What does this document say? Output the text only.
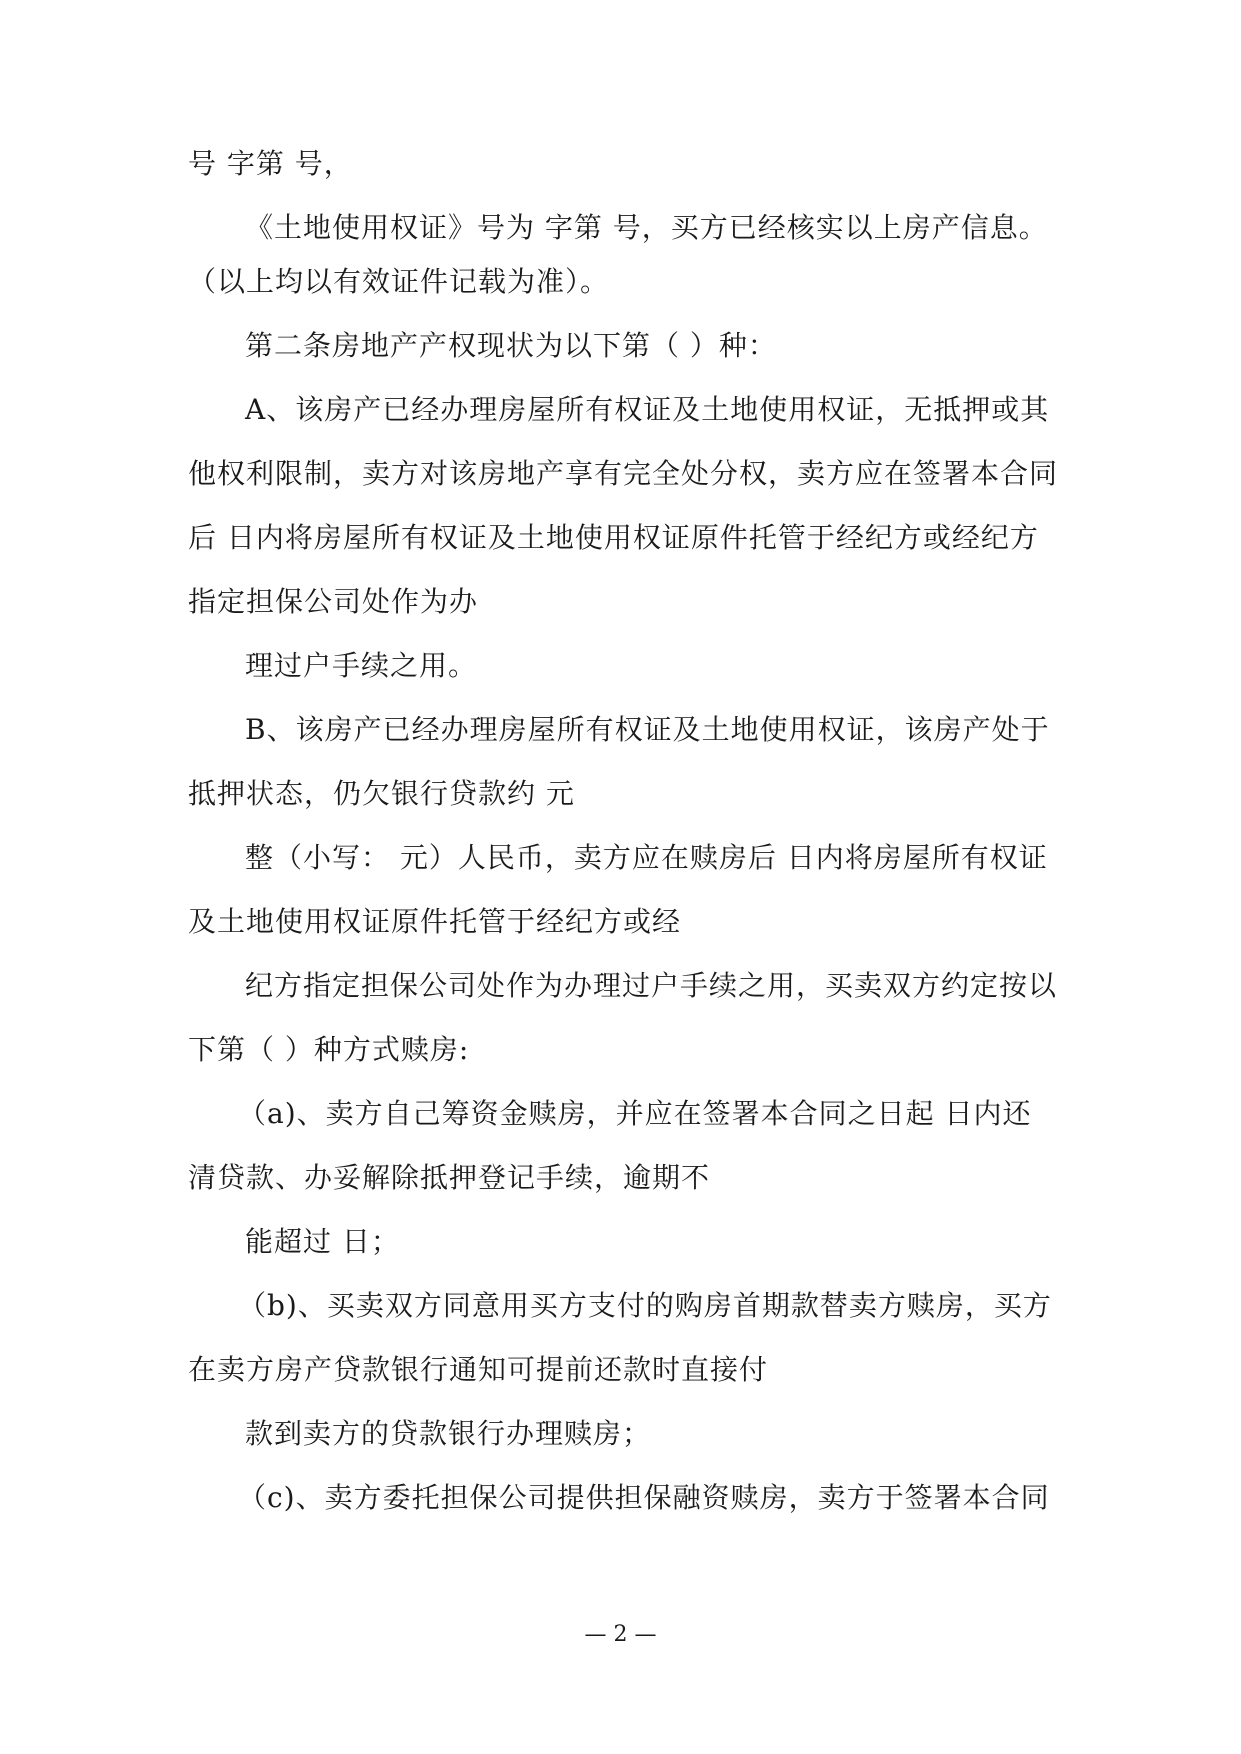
号 字第 号，
《土地使用权证》号为 字第 号，买方已经核实以上房产信息。
（以上均以有效证件记载为准）。
第二条房地产产权现状为以下第（ ）种：
A、该房产已经办理房屋所有权证及土地使用权证，无抵押或其
他权利限制，卖方对该房地产享有完全处分权，卖方应在签署本合同
后 日内将房屋所有权证及土地使用权证原件托管于经纪方或经纪方
指定担保公司处作为办
理过户手续之用。
B、该房产已经办理房屋所有权证及土地使用权证，该房产处于
抵押状态，仍欠银行贷款约 元
整（小写： 元）人民币，卖方应在赎房后 日内将房屋所有权证
及土地使用权证原件托管于经纪方或经
纪方指定担保公司处作为办理过户手续之用，买卖双方约定按以
下第（ ）种方式赎房:
（a)、卖方自己筹资金赎房，并应在签署本合同之日起 日内还
清贷款、办妥解除抵押登记手续，逾期不
能超过 日；
（b)、买卖双方同意用买方支付的购房首期款替卖方赎房，买方
在卖方房产贷款银行通知可提前还款时直接付
款到卖方的贷款银行办理赎房；
（c)、卖方委托担保公司提供担保融资赎房，卖方于签署本合同
— 2 —
